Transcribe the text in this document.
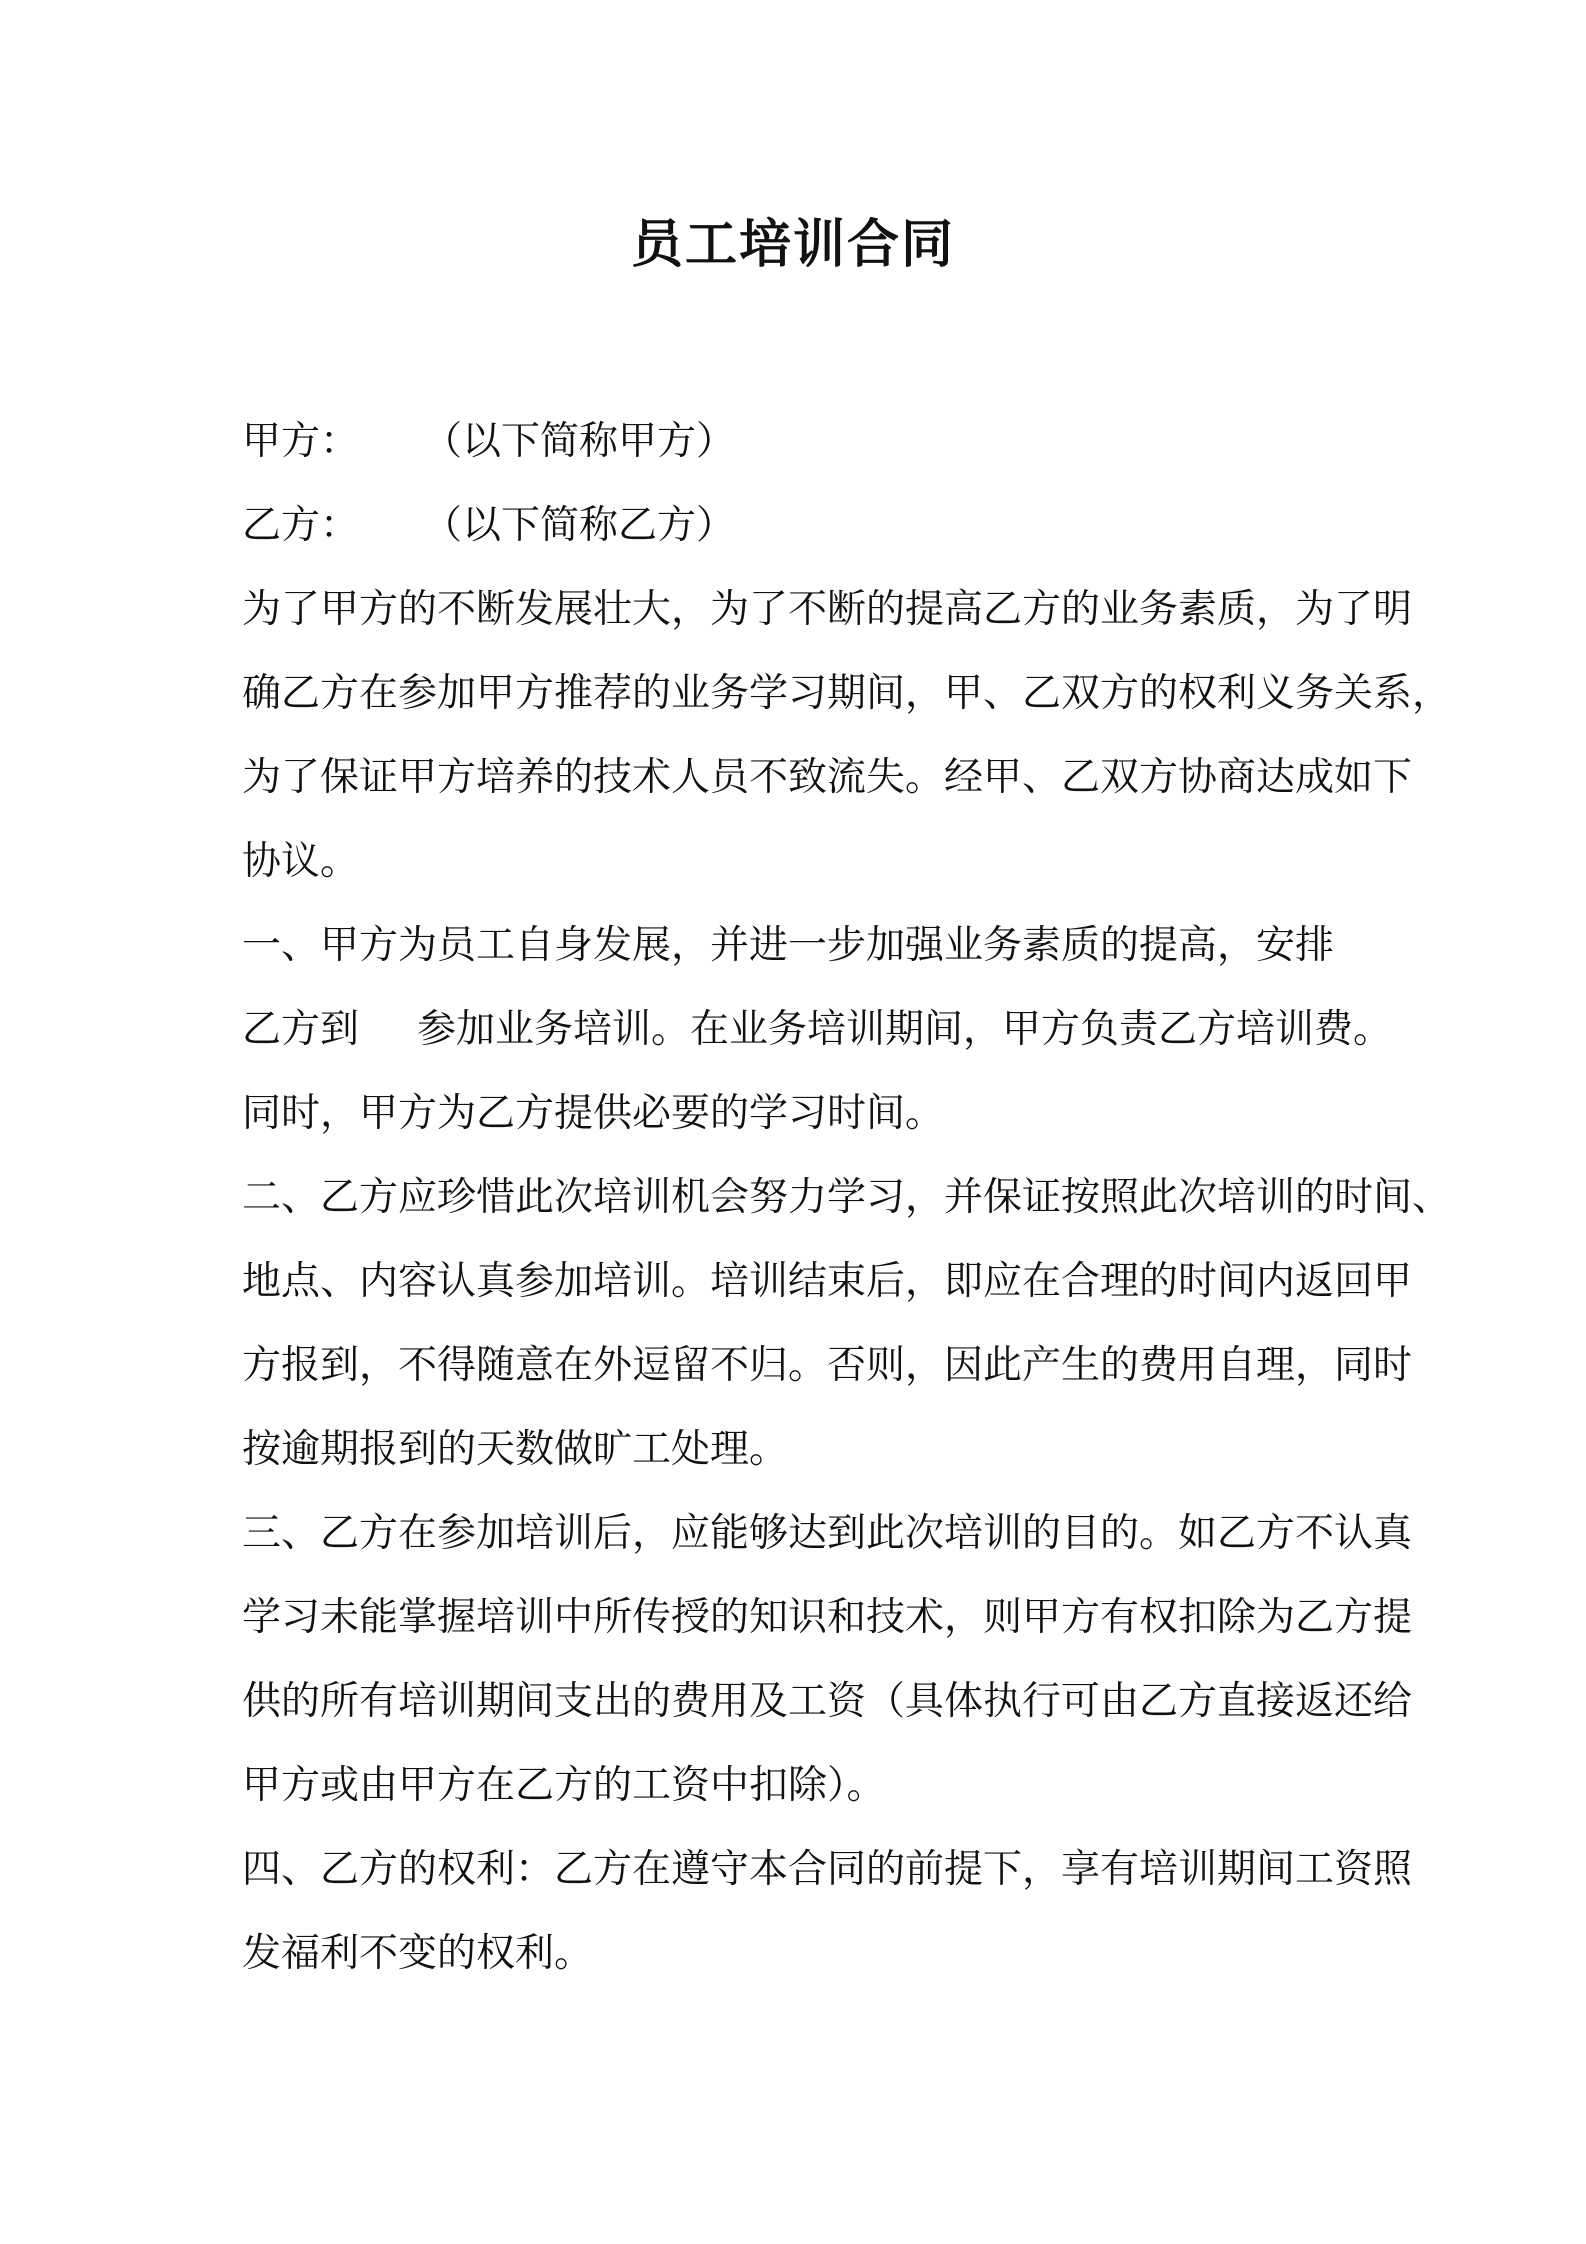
员工培训合同
甲方： （以下简称甲方）
乙方： （以下简称乙方）
为了甲方的不断发展壮大，为了不断的提高乙方的业务素质，为了明
确乙方在参加甲方推荐的业务学习期间，甲、乙双方的权利义务关系，
为了保证甲方培养的技术人员不致流失。经甲、乙双方协商达成如下
协议。
一、甲方为员工自身发展，并进一步加强业务素质的提高，安排
乙方到 参加业务培训。在业务培训期间，甲方负责乙方培训费。
同时，甲方为乙方提供必要的学习时间。
二、乙方应珍惜此次培训机会努力学习，并保证按照此次培训的时间、
地点、内容认真参加培训。培训结束后，即应在合理的时间内返回甲
方报到，不得随意在外逗留不归。否则，因此产生的费用自理，同时
按逾期报到的天数做旷工处理。
三、乙方在参加培训后，应能够达到此次培训的目的。如乙方不认真
学习未能掌握培训中所传授的知识和技术，则甲方有权扣除为乙方提
供的所有培训期间支出的费用及工资（具体执行可由乙方直接返还给
甲方或由甲方在乙方的工资中扣除）。
四、乙方的权利：乙方在遵守本合同的前提下，享有培训期间工资照
发福利不变的权利。
